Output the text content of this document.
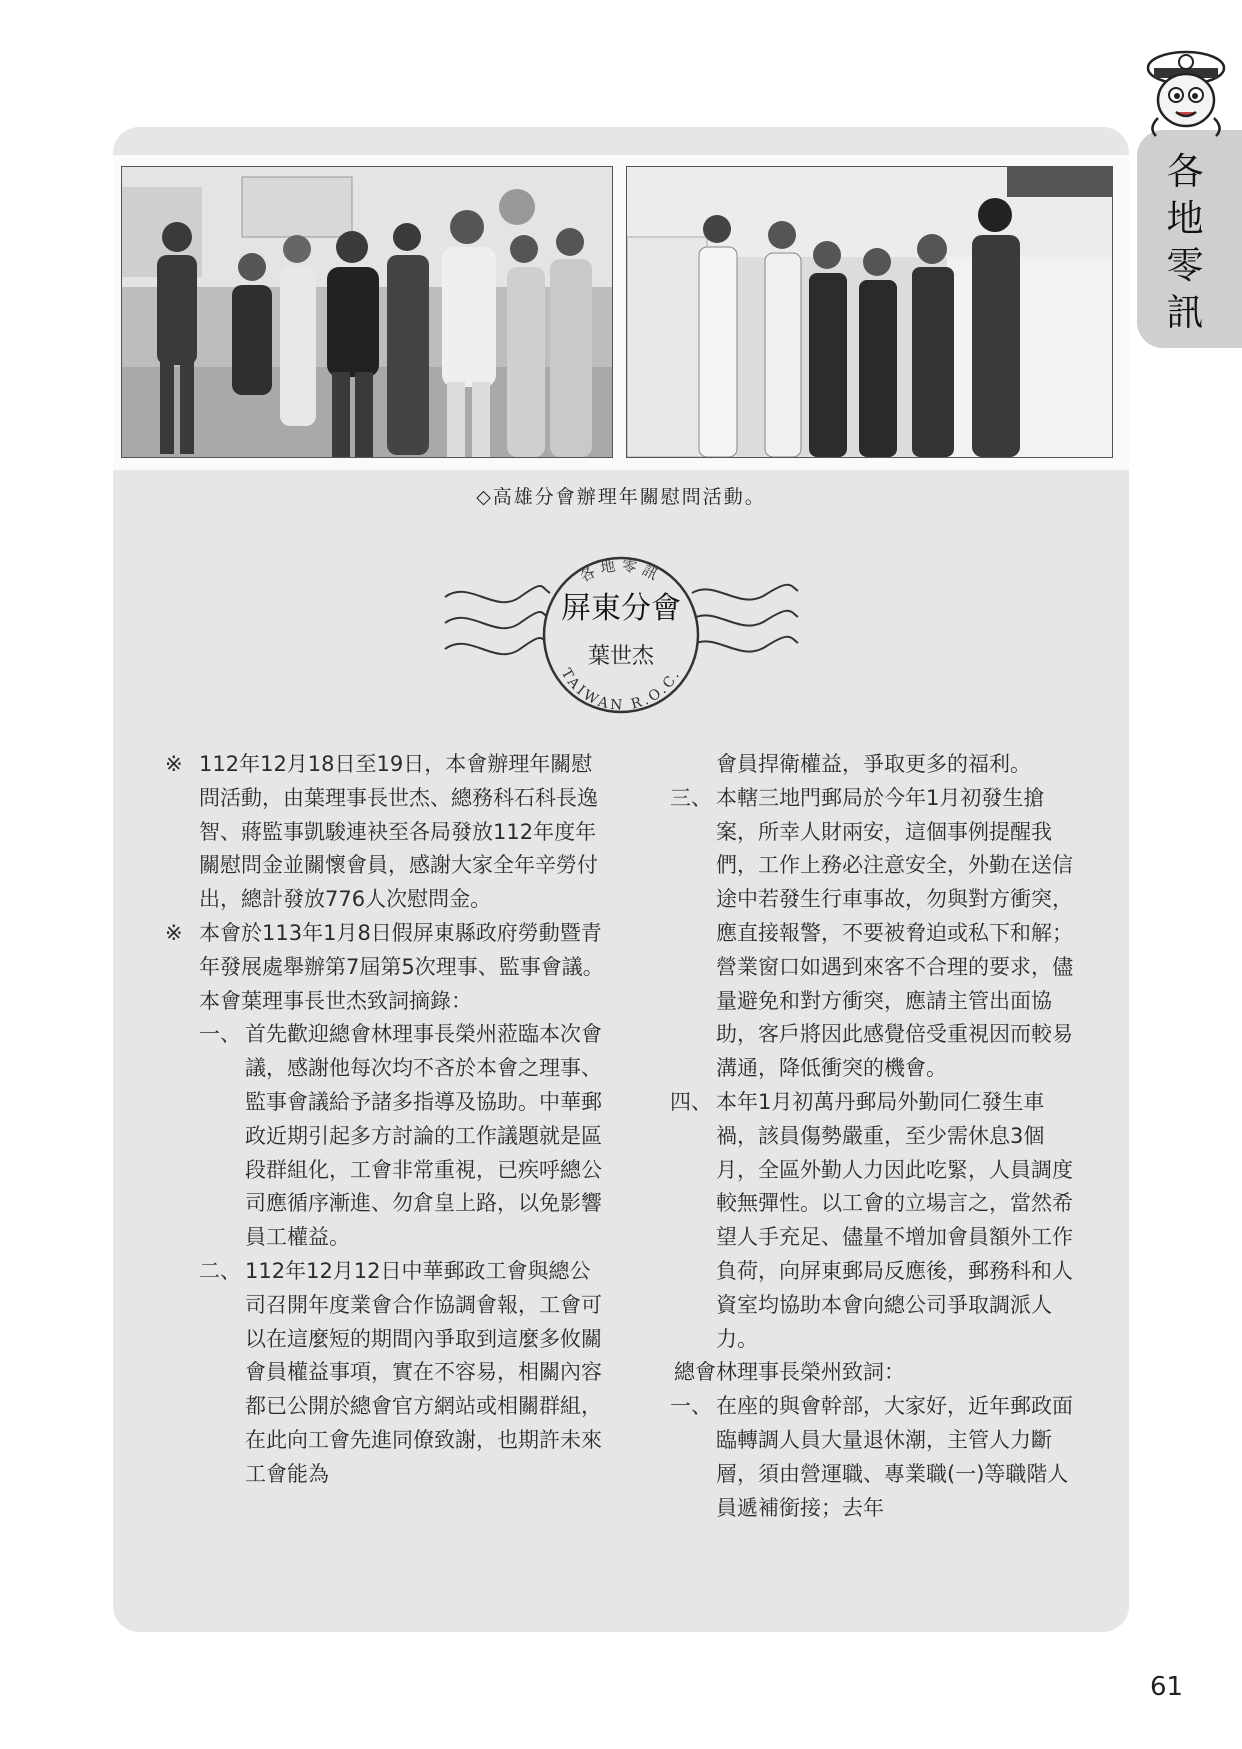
各地零訊
◇高雄分會辦理年關慰問活動。
各地零訊
屏東分會
葉世杰
TAIWAN R.O.C.
※ 112年12月18日至19日，本會辦理年關慰問活動，由葉理事長世杰、總務科石科長逸智、蔣監事凱駿連袂至各局發放112年度年關慰問金並關懷會員，感謝大家全年辛勞付出，總計發放776人次慰問金。
※ 本會於113年1月8日假屏東縣政府勞動暨青年發展處舉辦第7屆第5次理事、監事會議。
本會葉理事長世杰致詞摘錄：
一、 首先歡迎總會林理事長榮州蒞臨本次會議，感謝他每次均不吝於本會之理事、監事會議給予諸多指導及協助。中華郵政近期引起多方討論的工作議題就是區段群組化，工會非常重視，已疾呼總公司應循序漸進、勿倉皇上路，以免影響員工權益。
二、 112年12月12日中華郵政工會與總公司召開年度業會合作協調會報，工會可以在這麼短的期間內爭取到這麼多攸關會員權益事項，實在不容易，相關內容都已公開於總會官方網站或相關群組，在此向工會先進同僚致謝，也期許未來工會能為
會員捍衛權益，爭取更多的福利。
三、 本轄三地門郵局於今年1月初發生搶案，所幸人財兩安，這個事例提醒我們，工作上務必注意安全，外勤在送信途中若發生行車事故，勿與對方衝突，應直接報警，不要被脅迫或私下和解；營業窗口如遇到來客不合理的要求，儘量避免和對方衝突，應請主管出面協助，客戶將因此感覺倍受重視因而較易溝通，降低衝突的機會。
四、 本年1月初萬丹郵局外勤同仁發生車禍，該員傷勢嚴重，至少需休息3個月，全區外勤人力因此吃緊，人員調度較無彈性。以工會的立場言之，當然希望人手充足、儘量不增加會員額外工作負荷，向屏東郵局反應後，郵務科和人資室均協助本會向總公司爭取調派人力。
總會林理事長榮州致詞：
一、 在座的與會幹部，大家好，近年郵政面臨轉調人員大量退休潮，主管人力斷層，須由營運職、專業職(一)等職階人員遞補銜接；去年
61
